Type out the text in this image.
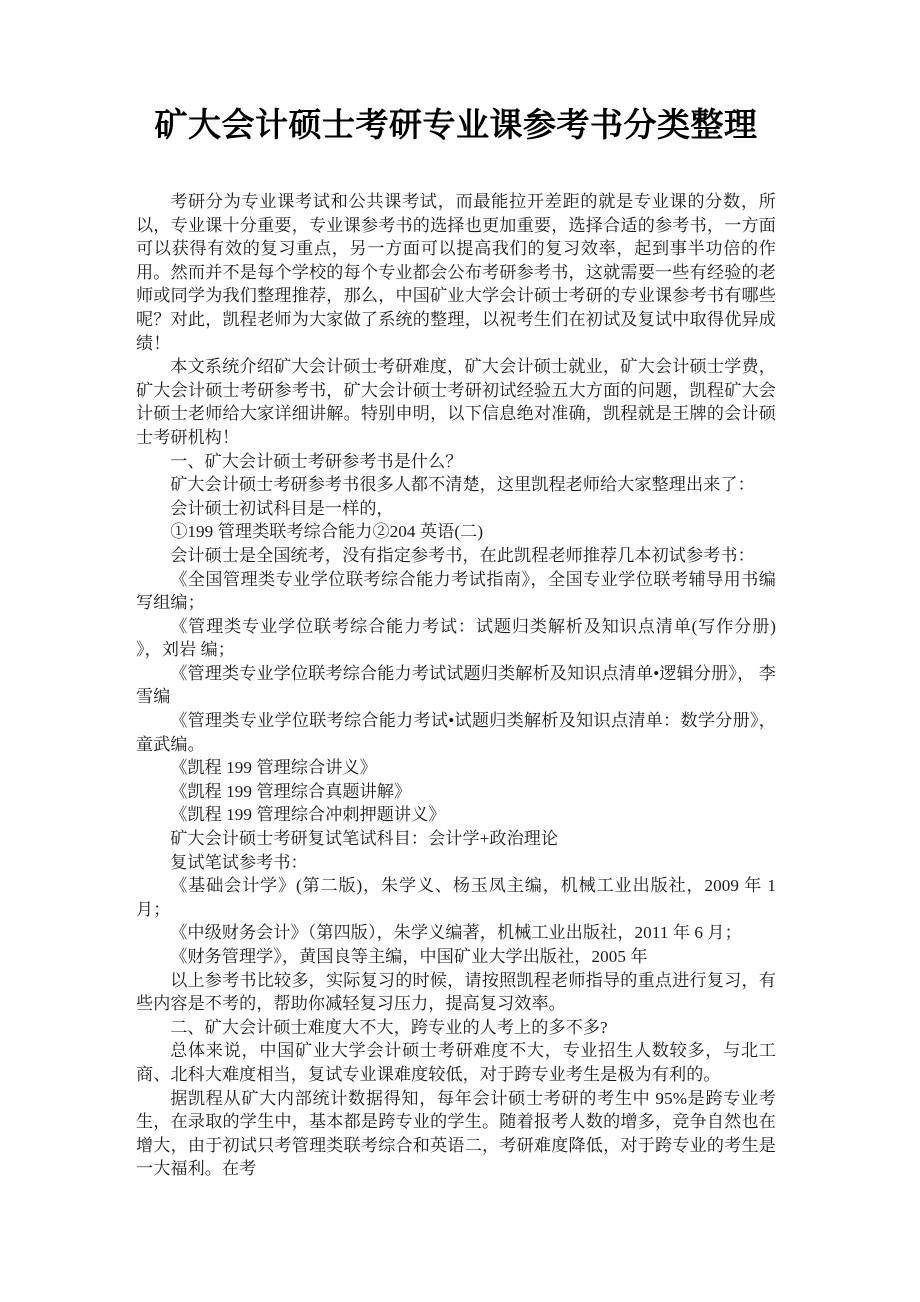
矿大会计硕士考研专业课参考书分类整理

考研分为专业课考试和公共课考试，而最能拉开差距的就是专业课的分数，所以，专业课十分重要，专业课参考书的选择也更加重要，选择合适的参考书，一方面可以获得有效的复习重点，另一方面可以提高我们的复习效率，起到事半功倍的作用。然而并不是每个学校的每个专业都会公布考研参考书，这就需要一些有经验的老师或同学为我们整理推荐，那么，中国矿业大学会计硕士考研的专业课参考书有哪些呢？对此，凯程老师为大家做了系统的整理，以祝考生们在初试及复试中取得优异成绩！

本文系统介绍矿大会计硕士考研难度，矿大会计硕士就业，矿大会计硕士学费，矿大会计硕士考研参考书，矿大会计硕士考研初试经验五大方面的问题，凯程矿大会计硕士老师给大家详细讲解。特别申明，以下信息绝对准确，凯程就是王牌的会计硕士考研机构！

一、矿大会计硕士考研参考书是什么？

矿大会计硕士考研参考书很多人都不清楚，这里凯程老师给大家整理出来了：

会计硕士初试科目是一样的，

①199 管理类联考综合能力②204 英语(二)

会计硕士是全国统考，没有指定参考书，在此凯程老师推荐几本初试参考书：

《全国管理类专业学位联考综合能力考试指南》，全国专业学位联考辅导用书编写组编；

《管理类专业学位联考综合能力考试：试题归类解析及知识点清单(写作分册) 》，刘岩 编；

《管理类专业学位联考综合能力考试试题归类解析及知识点清单•逻辑分册》， 李雪编

《管理类专业学位联考综合能力考试•试题归类解析及知识点清单：数学分册》，童武编。

《凯程 199 管理综合讲义》

《凯程 199 管理综合真题讲解》

《凯程 199 管理综合冲刺押题讲义》

矿大会计硕士考研复试笔试科目：会计学+政治理论

复试笔试参考书：

《基础会计学》(第二版)，朱学义、杨玉凤主编，机械工业出版社，2009 年 1 月；

《中级财务会计》（第四版），朱学义编著，机械工业出版社，2011 年 6 月；

《财务管理学》，黄国良等主编，中国矿业大学出版社，2005 年

以上参考书比较多，实际复习的时候，请按照凯程老师指导的重点进行复习，有些内容是不考的，帮助你减轻复习压力，提高复习效率。

二、矿大会计硕士难度大不大，跨专业的人考上的多不多?

总体来说，中国矿业大学会计硕士考研难度不大，专业招生人数较多，与北工商、北科大难度相当，复试专业课难度较低，对于跨专业考生是极为有利的。

据凯程从矿大内部统计数据得知，每年会计硕士考研的考生中 95%是跨专业考生，在录取的学生中，基本都是跨专业的学生。随着报考人数的增多，竞争自然也在增大，由于初试只考管理类联考综合和英语二，考研难度降低，对于跨专业的考生是一大福利。在考
